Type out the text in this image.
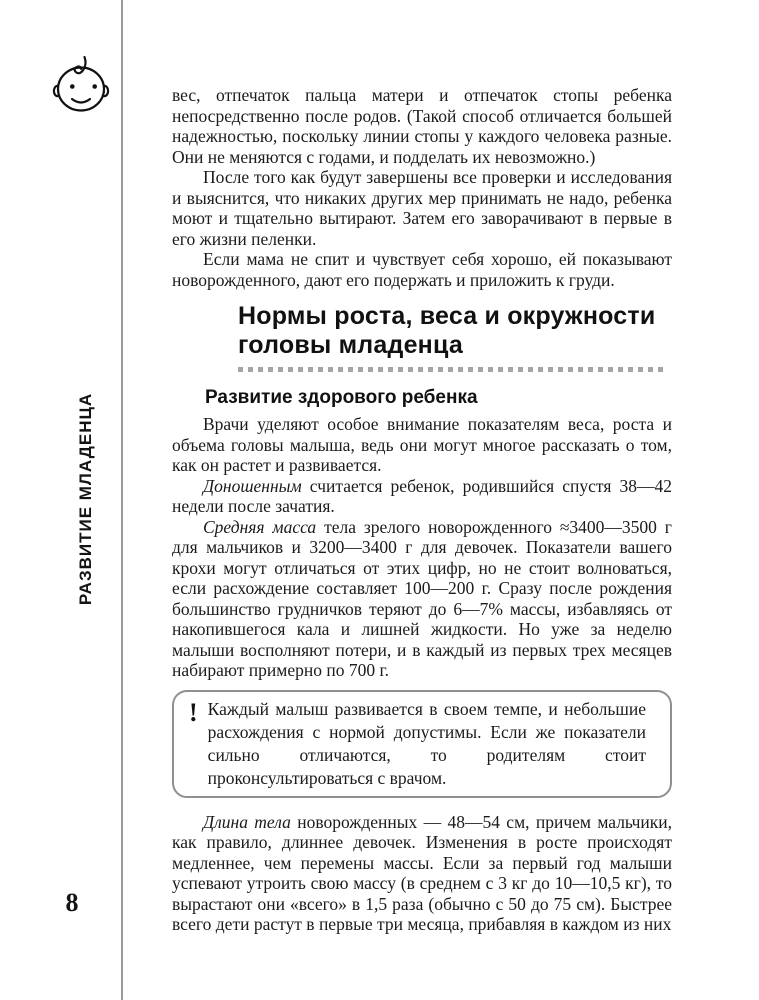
РАЗВИТИЕ МЛАДЕНЦА
8

вес, отпечаток пальца матери и отпечаток стопы ребенка непосредственно после родов. (Такой способ отличается большей надежностью, поскольку линии стопы у каждого человека разные. Они не меняются с годами, и подделать их невозможно.)

После того как будут завершены все проверки и исследования и выяснится, что никаких других мер принимать не надо, ребенка моют и тщательно вытирают. Затем его заворачивают в первые в его жизни пеленки.

Если мама не спит и чувствует себя хорошо, ей показывают новорожденного, дают его подержать и приложить к груди.

Нормы роста, веса и окружности головы младенца
Развитие здорового ребенка

Врачи уделяют особое внимание показателям веса, роста и объема головы малыша, ведь они могут многое рассказать о том, как он растет и развивается.

Доношенным считается ребенок, родившийся спустя 38—42 недели после зачатия.

Средняя масса тела зрелого новорожденного ≈3400—3500 г для мальчиков и 3200—3400 г для девочек. Показатели вашего крохи могут отличаться от этих цифр, но не стоит волноваться, если расхождение составляет 100—200 г. Сразу после рождения большинство грудничков теряют до 6—7% массы, избавляясь от накопившегося кала и лишней жидкости. Но уже за неделю малыши восполняют потери, и в каждый из первых трех месяцев набирают примерно по 700 г.

! Каждый малыш развивается в своем темпе, и небольшие расхождения с нормой допустимы. Если же показатели сильно отличаются, то родителям стоит проконсультироваться с врачом.

Длина тела новорожденных — 48—54 см, причем мальчики, как правило, длиннее девочек. Изменения в росте происходят медленнее, чем перемены массы. Если за первый год малыши успевают утроить свою массу (в среднем с 3 кг до 10—10,5 кг), то вырастают они «всего» в 1,5 раза (обычно с 50 до 75 см). Быстрее всего дети растут в первые три месяца, прибавляя в каждом из них
